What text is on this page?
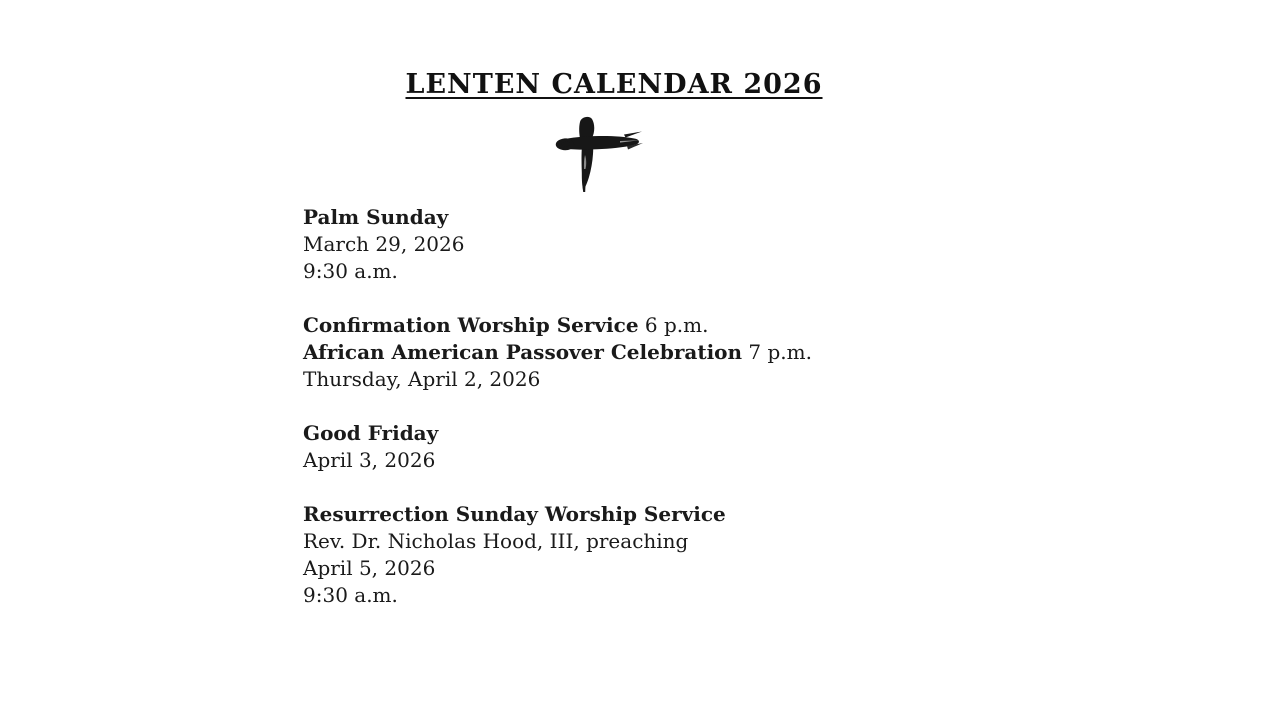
LENTEN CALENDAR 2026

Palm Sunday

March 29, 2026

9:30 a.m.

Confirmation Worship Service 6 p.m.

African American Passover Celebration 7 p.m.

Thursday, April 2, 2026

Good Friday

April 3, 2026

Resurrection Sunday Worship Service

Rev. Dr. Nicholas Hood, III, preaching

April 5, 2026

9:30 a.m.
